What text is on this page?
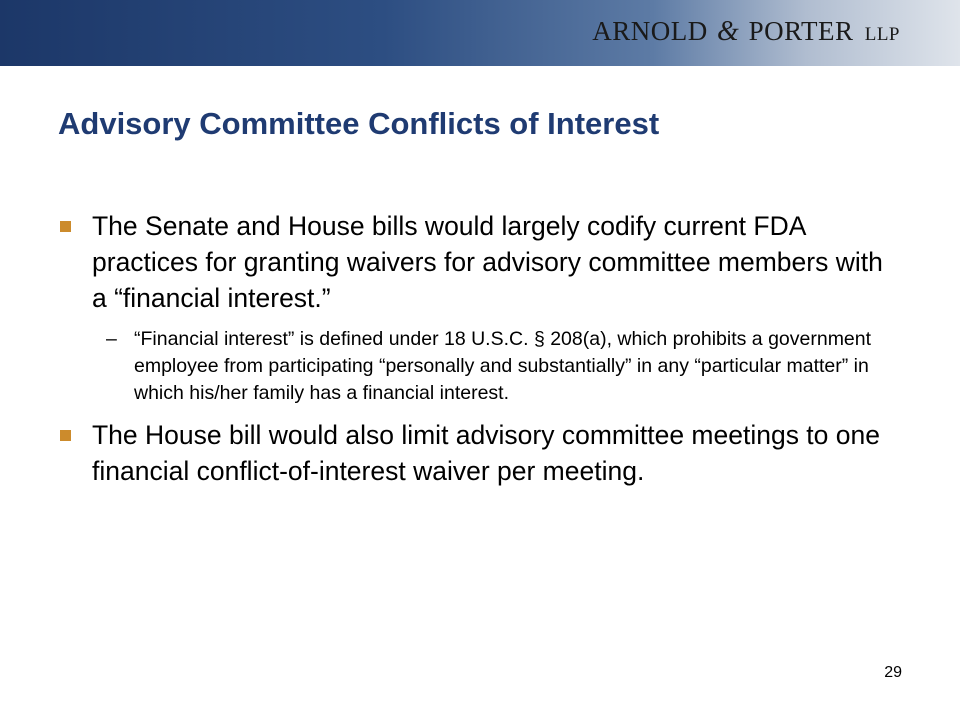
ARNOLD & PORTER LLP
Advisory Committee Conflicts of Interest
The Senate and House bills would largely codify current FDA practices for granting waivers for advisory committee members with a “financial interest.”
– “Financial interest” is defined under 18 U.S.C. § 208(a), which prohibits a government employee from participating “personally and substantially” in any “particular matter” in which his/her family has a financial interest.
The House bill would also limit advisory committee meetings to one financial conflict-of-interest waiver per meeting.
29
